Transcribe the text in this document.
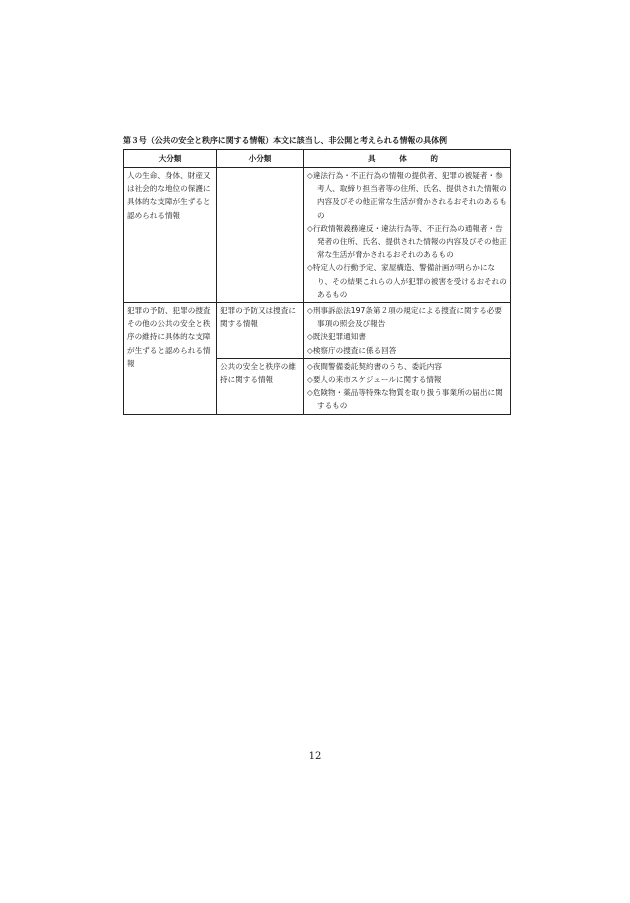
第３号（公共の安全と秩序に関する情報）本文に該当し、非公開と考えられる情報の具体例
大分類	小分類	具　体　的
人の生命、身体、財産又は社会的な地位の保護に具体的な支障が生ずると認められる情報		◇違法行為・不正行為の情報の提供者、犯罪の被疑者・参考人、取締り担当者等の住所、氏名、提供された情報の内容及びその他正常な生活が脅かされるおそれのあるもの
◇行政情報義務違反・違法行為等、不正行為の通報者・告発者の住所、氏名、提供された情報の内容及びその他正常な生活が脅かされるおそれのあるもの
◇特定人の行動予定、家屋構造、警備計画が明らかになり、その結果これらの人が犯罪の被害を受けるおそれのあるもの

犯罪の予防、犯罪の捜査その他の公共の安全と秩序の維持に具体的な支障が生ずると認められる情報	犯罪の予防又は捜査に関する情報	◇刑事訴訟法197条第２項の規定による捜査に関する必要事項の照会及び報告
◇既決犯罪通知書
◇検察庁の捜査に係る回答

	公共の安全と秩序の維持に関する情報	◇夜間警備委託契約書のうち、委託内容
◇要人の来市スケジュールに関する情報
◇危険物・薬品等特殊な物質を取り扱う事業所の届出に関するもの
12
